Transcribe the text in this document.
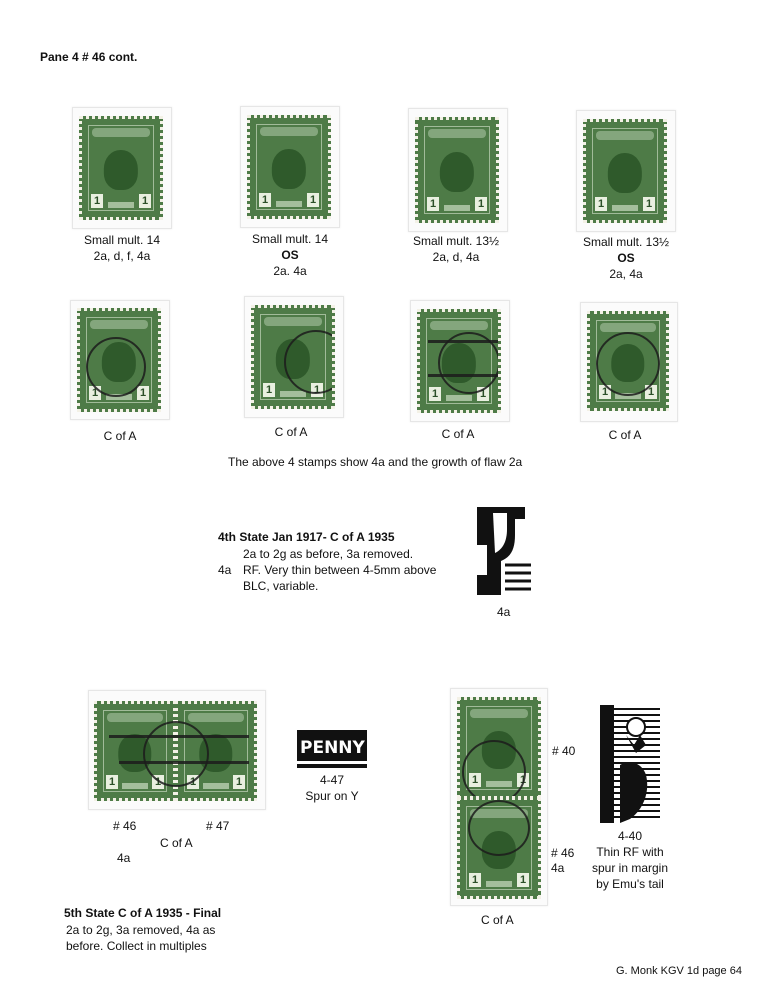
Pane 4 # 46 cont.
1	1	1	1	1	1	1	1
Small mult. 14
2a, d, f, 4a
Small mult. 14
OS
2a. 4a
Small mult. 13½
2a, d, 4a
Small mult. 13½
OS
2a, 4a
1	1	1	1	1	1	1	1
C of A	C of A	C of A	C of A
The above 4 stamps show 4a and the growth of flaw 2a
4th State Jan 1917- C of A 1935
2a to 2g as before, 3a removed.
4a RF. Very thin between 4-5mm above
BLC, variable.
4a
1	1	1	1
# 46	# 47
C of A
4a
PENNY
4-47
Spur on Y
1	1
1	1
# 40
# 46
4a
C of A
4-40
Thin RF with
spur in margin
by Emu's tail
5th State C of A 1935 - Final
2a to 2g, 3a removed, 4a as
before. Collect in multiples
G. Monk KGV 1d page 64
